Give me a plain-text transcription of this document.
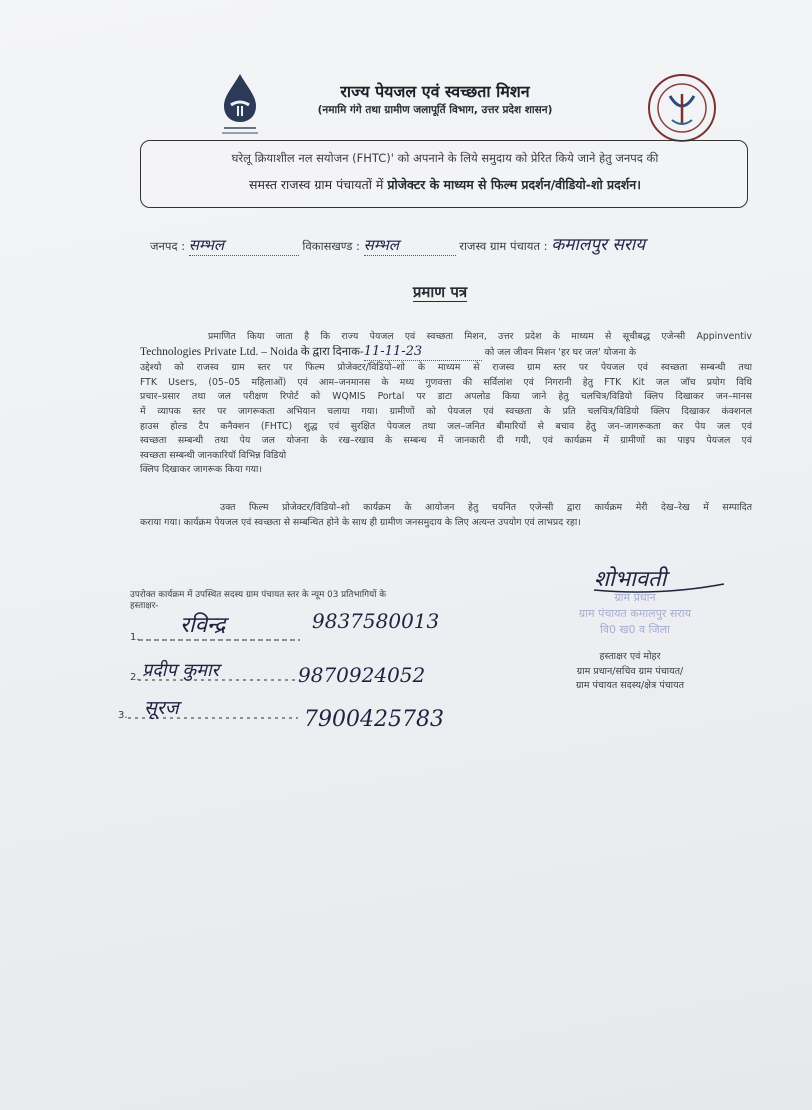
राज्य पेयजल एवं स्वच्छता मिशन
(नमामि गंगे तथा ग्रामीण जलापूर्ति विभाग, उत्तर प्रदेश शासन)
घरेलू क्रियाशील नल सयोजन (FHTC)' को अपनाने के लिये समुदाय को प्रेरित किये जाने हेतु जनपद की
समस्त राजस्व ग्राम पंचायतों में प्रोजेक्टर के माध्यम से फिल्म प्रदर्शन/वीडियो-शो प्रदर्शन।
जनपद : सम्भल	विकासखण्ड : सम्भल	राजस्व ग्राम पंचायत : कमालपुर सराय
प्रमाण पत्र
प्रमाणित किया जाता है कि राज्य पेयजल एवं स्वच्छता मिशन, उत्तर प्रदेश के माध्यम से सूचीबद्ध एजेन्सी Appinventiv
Technologies Private Ltd. – Noida के द्वारा दिनाक-11-11-23	को जल जीवन मिशन 'हर घर जल' योजना के
उद्देश्यो को राजस्व ग्राम स्तर पर फिल्म प्रोजेक्टर/विडियो–शो के माध्यम से राजस्व ग्राम स्तर पर पेयजल एवं स्वच्छता सम्बन्धी तथा
FTK Users, (05–05 महिलाओं) एवं आम–जनमानस के मध्य गुणवत्ता की सर्विलांश एवं निगरानी हेतु FTK Kit जल जॉच प्रयोग विधि
प्रचार–प्रसार तथा जल परीक्षण रिपोर्ट को WQMIS Portal पर डाटा अपलोड किया जाने हेतु चलचित्र/विडियो क्लिप दिखाकर जन–मानस
में व्यापक स्तर पर जागरूकता अभियान चलाया गया। ग्रामीणों को पेयजल एवं स्वच्छता के प्रति चलचित्र/विडियो क्लिप दिखाकर कंक्शनल
हाउस होल्ड टैप कनैक्शन (FHTC) शुद्ध एवं सुरक्षित पेयजल तथा जल–जनित बीमारियों से बचाव हेतु जन–जागरूकता कर पेय जल एवं
स्वच्छता सम्बन्धी तथा पेय जल योजना के रख–रखाव के सम्बन्ध में जानकारी दी गयी, एवं कार्यक्रम में ग्रामीणों का पाइप पेयजल एवं
स्वच्छता सम्बन्धी जानकारियॉ विभिन्न विडियो
क्लिप दिखाकर जागरूक किया गया।
उक्त फिल्म प्रोजेक्टर/विडियो–शो कार्यक्रम के आयोजन हेतु चयनित एजेन्सी द्वारा कार्यक्रम मेरी देख–रेख में सम्पादित
कराया गया। कार्यक्रम पेयजल एवं स्वच्छता से सम्बन्धित होने के साथ ही ग्रामीण जनसमुदाय के लिए अत्यन्त उपयोग एवं लाभप्रद रहा।
उपरोक्त कार्यक्रम में उपस्थित सदस्य ग्राम पंचायत स्तर के न्यूम 03 प्रतिभागियों के
हस्ताक्षर-
1. रविन्द्र	9837580013
2. प्रदीप कुमार	9870924052
3. सूरज	7900425783
शोभावती
ग्राम प्रधान
ग्राम पंचायत कमालपुर सराय
वि0 ख0 व जिला
हस्ताक्षर एवं मोहर
ग्राम प्रधान/सचिव ग्राम पंचायत/
ग्राम पंचायत सदस्य/क्षेत्र पंचायत
